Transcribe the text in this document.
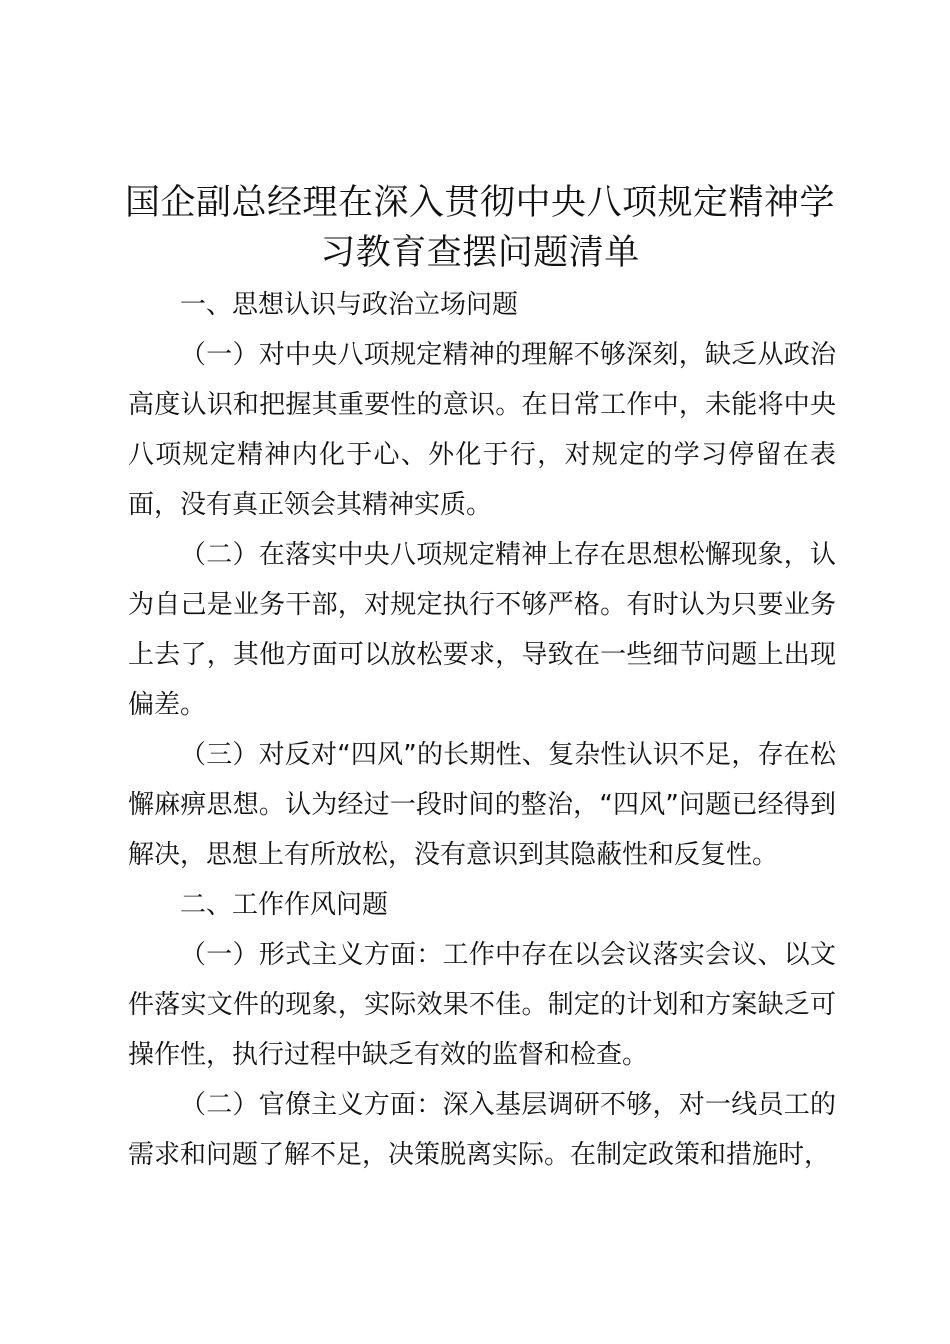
国企副总经理在深入贯彻中央八项规定精神学习教育查摆问题清单

一、思想认识与政治立场问题

（一）对中央八项规定精神的理解不够深刻，缺乏从政治高度认识和把握其重要性的意识。在日常工作中，未能将中央八项规定精神内化于心、外化于行，对规定的学习停留在表面，没有真正领会其精神实质。

（二）在落实中央八项规定精神上存在思想松懈现象，认为自己是业务干部，对规定执行不够严格。有时认为只要业务上去了，其他方面可以放松要求，导致在一些细节问题上出现偏差。

（三）对反对“四风”的长期性、复杂性认识不足，存在松懈麻痹思想。认为经过一段时间的整治，“四风”问题已经得到解决，思想上有所放松，没有意识到其隐蔽性和反复性。

二、工作作风问题

（一）形式主义方面：工作中存在以会议落实会议、以文件落实文件的现象，实际效果不佳。制定的计划和方案缺乏可操作性，执行过程中缺乏有效的监督和检查。

（二）官僚主义方面：深入基层调研不够，对一线员工的需求和问题了解不足，决策脱离实际。在制定政策和措施时，
